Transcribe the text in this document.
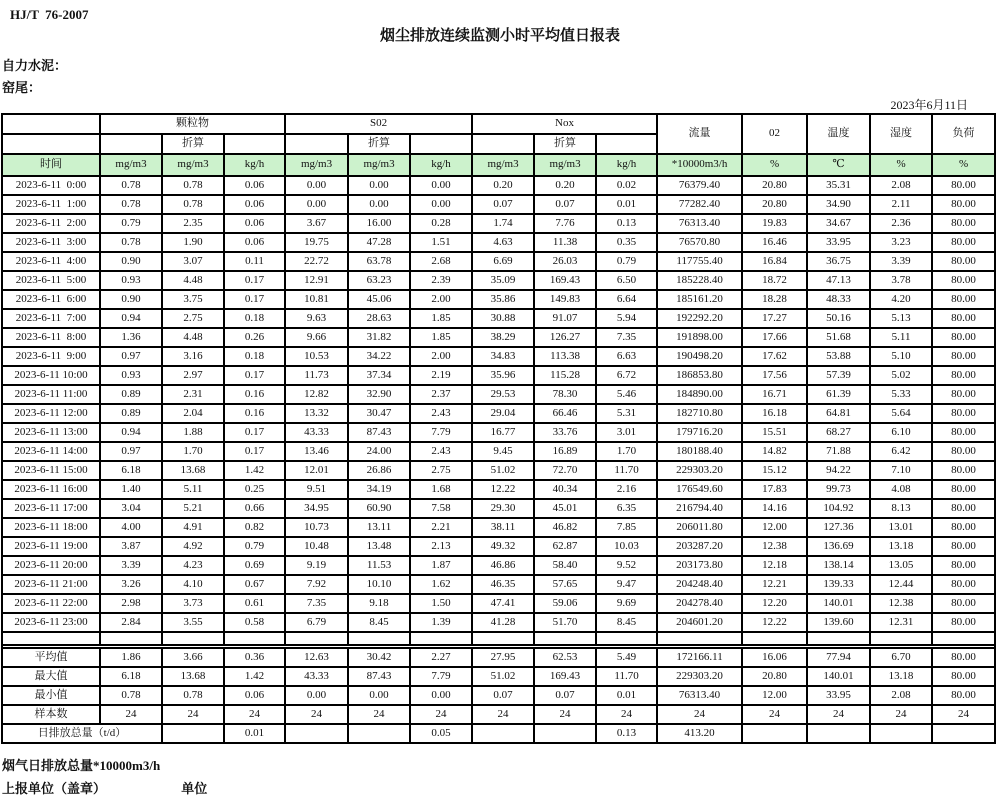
HJ/T  76-2007
烟尘排放连续监测小时平均值日报表
自力水泥：
窑尾：
2023年6月11日
	颗粒物			S02			Nox			流量	02	温度	湿度	负荷
		折算			折算			折算						
时间	mg/m3	mg/m3	kg/h	mg/m3	mg/m3	kg/h	mg/m3	mg/m3	kg/h	*10000m3/h	%	℃	%	%
2023-6-11  0:00	0.78	0.78	0.06	0.00	0.00	0.00	0.20	0.20	0.02	76379.40	20.80	35.31	2.08	80.00
2023-6-11  1:00	0.78	0.78	0.06	0.00	0.00	0.00	0.07	0.07	0.01	77282.40	20.80	34.90	2.11	80.00
2023-6-11  2:00	0.79	2.35	0.06	3.67	16.00	0.28	1.74	7.76	0.13	76313.40	19.83	34.67	2.36	80.00
2023-6-11  3:00	0.78	1.90	0.06	19.75	47.28	1.51	4.63	11.38	0.35	76570.80	16.46	33.95	3.23	80.00
2023-6-11  4:00	0.90	3.07	0.11	22.72	63.78	2.68	6.69	26.03	0.79	117755.40	16.84	36.75	3.39	80.00
2023-6-11  5:00	0.93	4.48	0.17	12.91	63.23	2.39	35.09	169.43	6.50	185228.40	18.72	47.13	3.78	80.00
2023-6-11  6:00	0.90	3.75	0.17	10.81	45.06	2.00	35.86	149.83	6.64	185161.20	18.28	48.33	4.20	80.00
2023-6-11  7:00	0.94	2.75	0.18	9.63	28.63	1.85	30.88	91.07	5.94	192292.20	17.27	50.16	5.13	80.00
2023-6-11  8:00	1.36	4.48	0.26	9.66	31.82	1.85	38.29	126.27	7.35	191898.00	17.66	51.68	5.11	80.00
2023-6-11  9:00	0.97	3.16	0.18	10.53	34.22	2.00	34.83	113.38	6.63	190498.20	17.62	53.88	5.10	80.00
2023-6-11 10:00	0.93	2.97	0.17	11.73	37.34	2.19	35.96	115.28	6.72	186853.80	17.56	57.39	5.02	80.00
2023-6-11 11:00	0.89	2.31	0.16	12.82	32.90	2.37	29.53	78.30	5.46	184890.00	16.71	61.39	5.33	80.00
2023-6-11 12:00	0.89	2.04	0.16	13.32	30.47	2.43	29.04	66.46	5.31	182710.80	16.18	64.81	5.64	80.00
2023-6-11 13:00	0.94	1.88	0.17	43.33	87.43	7.79	16.77	33.76	3.01	179716.20	15.51	68.27	6.10	80.00
2023-6-11 14:00	0.97	1.70	0.17	13.46	24.00	2.43	9.45	16.89	1.70	180188.40	14.82	71.88	6.42	80.00
2023-6-11 15:00	6.18	13.68	1.42	12.01	26.86	2.75	51.02	72.70	11.70	229303.20	15.12	94.22	7.10	80.00
2023-6-11 16:00	1.40	5.11	0.25	9.51	34.19	1.68	12.22	40.34	2.16	176549.60	17.83	99.73	4.08	80.00
2023-6-11 17:00	3.04	5.21	0.66	34.95	60.90	7.58	29.30	45.01	6.35	216794.40	14.16	104.92	8.13	80.00
2023-6-11 18:00	4.00	4.91	0.82	10.73	13.11	2.21	38.11	46.82	7.85	206011.80	12.00	127.36	13.01	80.00
2023-6-11 19:00	3.87	4.92	0.79	10.48	13.48	2.13	49.32	62.87	10.03	203287.20	12.38	136.69	13.18	80.00
2023-6-11 20:00	3.39	4.23	0.69	9.19	11.53	1.87	46.86	58.40	9.52	203173.80	12.18	138.14	13.05	80.00
2023-6-11 21:00	3.26	4.10	0.67	7.92	10.10	1.62	46.35	57.65	9.47	204248.40	12.21	139.33	12.44	80.00
2023-6-11 22:00	2.98	3.73	0.61	7.35	9.18	1.50	47.41	59.06	9.69	204278.40	12.20	140.01	12.38	80.00
2023-6-11 23:00	2.84	3.55	0.58	6.79	8.45	1.39	41.28	51.70	8.45	204601.20	12.22	139.60	12.31	80.00

平均值	1.86	3.66	0.36	12.63	30.42	2.27	27.95	62.53	5.49	172166.11	16.06	77.94	6.70	80.00
最大值	6.18	13.68	1.42	43.33	87.43	7.79	51.02	169.43	11.70	229303.20	20.80	140.01	13.18	80.00
最小值	0.78	0.78	0.06	0.00	0.00	0.00	0.07	0.07	0.01	76313.40	12.00	33.95	2.08	80.00
样本数	24	24	24	24	24	24	24	24	24	24	24	24	24	24
日排放总量（t/d）			0.01			0.05			0.13	413.20				
烟气日排放总量*10000m3/h
上报单位（盖章）	单位
